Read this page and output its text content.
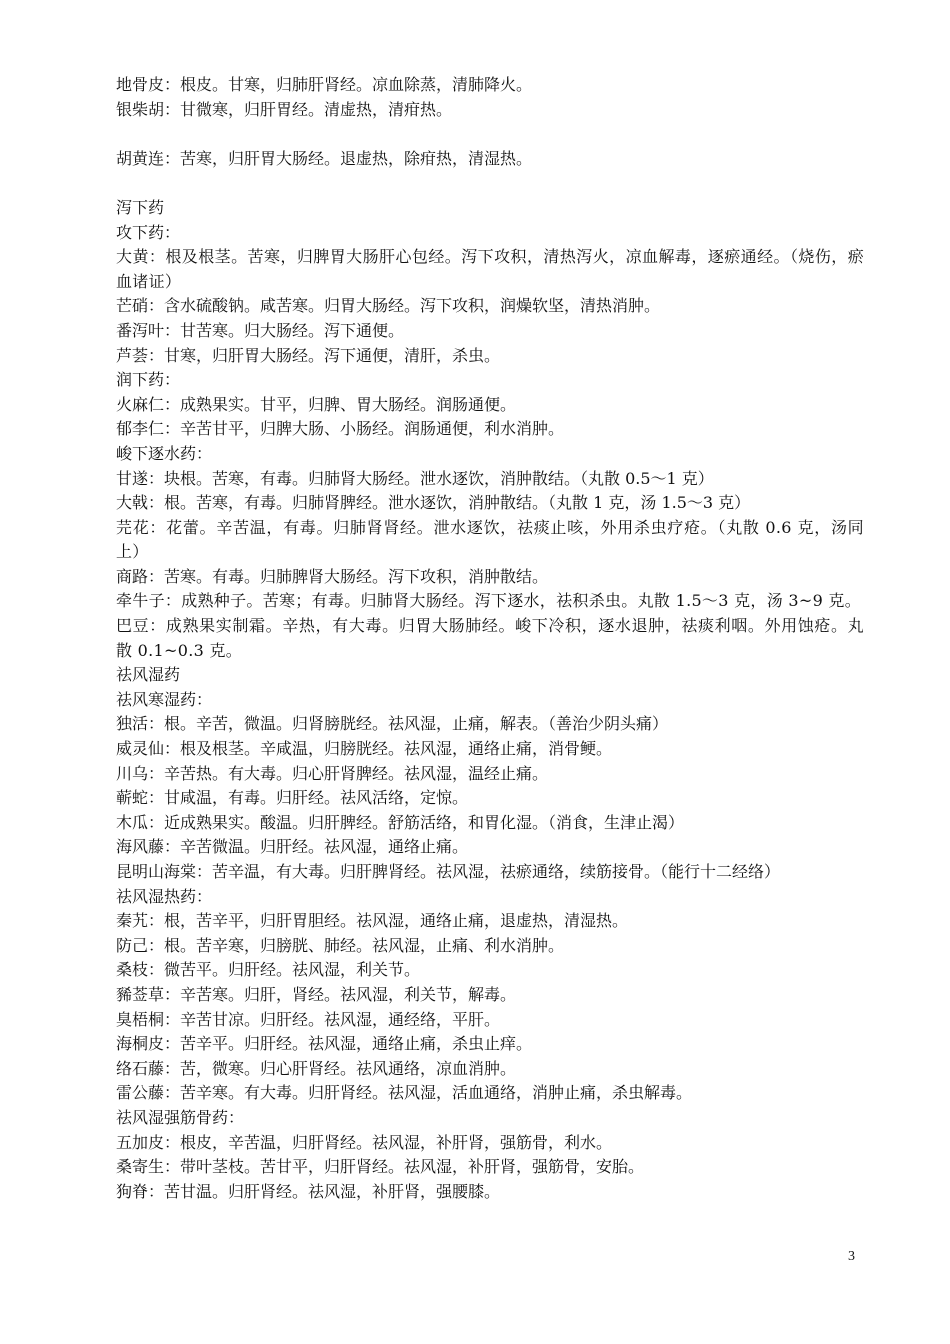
地骨皮：根皮。甘寒，归肺肝肾经。凉血除蒸，清肺降火。
银柴胡：甘微寒，归肝胃经。清虚热，清疳热。
胡黄连：苦寒，归肝胃大肠经。退虚热，除疳热，清湿热。
泻下药
攻下药：
大黄：根及根茎。苦寒，归脾胃大肠肝心包经。泻下攻积，清热泻火，凉血解毒，逐瘀通经。（烧伤，瘀血诸证）
芒硝：含水硫酸钠。咸苦寒。归胃大肠经。泻下攻积，润燥软坚，清热消肿。
番泻叶：甘苦寒。归大肠经。泻下通便。
芦荟：甘寒，归肝胃大肠经。泻下通便，清肝，杀虫。
润下药：
火麻仁：成熟果实。甘平，归脾、胃大肠经。润肠通便。
郁李仁：辛苦甘平，归脾大肠、小肠经。润肠通便，利水消肿。
峻下逐水药：
甘遂：块根。苦寒，有毒。归肺肾大肠经。泄水逐饮，消肿散结。（丸散 0.5～1 克）
大戟：根。苦寒，有毒。归肺肾脾经。泄水逐饮，消肿散结。（丸散 1 克，汤 1.5～3 克）
芫花：花蕾。辛苦温，有毒。归肺肾肾经。泄水逐饮，祛痰止咳，外用杀虫疗疮。（丸散 0.6 克，汤同上）
商路：苦寒。有毒。归肺脾肾大肠经。泻下攻积，消肿散结。
牵牛子：成熟种子。苦寒；有毒。归肺肾大肠经。泻下逐水，祛积杀虫。丸散 1.5～3 克，汤 3~9 克。
巴豆：成熟果实制霜。辛热，有大毒。归胃大肠肺经。峻下冷积，逐水退肿，祛痰利咽。外用蚀疮。丸散 0.1~0.3 克。
祛风湿药
祛风寒湿药：
独活：根。辛苦，微温。归肾膀胱经。祛风湿，止痛，解表。（善治少阴头痛）
威灵仙：根及根茎。辛咸温，归膀胱经。祛风湿，通络止痛，消骨鲠。
川乌：辛苦热。有大毒。归心肝肾脾经。祛风湿，温经止痛。
蕲蛇：甘咸温，有毒。归肝经。祛风活络，定惊。
木瓜：近成熟果实。酸温。归肝脾经。舒筋活络，和胃化湿。（消食，生津止渴）
海风藤：辛苦微温。归肝经。祛风湿，通络止痛。
昆明山海棠：苦辛温，有大毒。归肝脾肾经。祛风湿，祛瘀通络，续筋接骨。（能行十二经络）
祛风湿热药：
秦艽：根，苦辛平，归肝胃胆经。祛风湿，通络止痛，退虚热，清湿热。
防己：根。苦辛寒，归膀胱、肺经。祛风湿，止痛、利水消肿。
桑枝：微苦平。归肝经。祛风湿，利关节。
豨莶草：辛苦寒。归肝，肾经。祛风湿，利关节，解毒。
臭梧桐：辛苦甘凉。归肝经。祛风湿，通经络，平肝。
海桐皮：苦辛平。归肝经。祛风湿，通络止痛，杀虫止痒。
络石藤：苦，微寒。归心肝肾经。祛风通络，凉血消肿。
雷公藤：苦辛寒。有大毒。归肝肾经。祛风湿，活血通络，消肿止痛，杀虫解毒。
祛风湿强筋骨药：
五加皮：根皮，辛苦温，归肝肾经。祛风湿，补肝肾，强筋骨，利水。
桑寄生：带叶茎枝。苦甘平，归肝肾经。祛风湿，补肝肾，强筋骨，安胎。
狗脊：苦甘温。归肝肾经。祛风湿，补肝肾，强腰膝。
3
